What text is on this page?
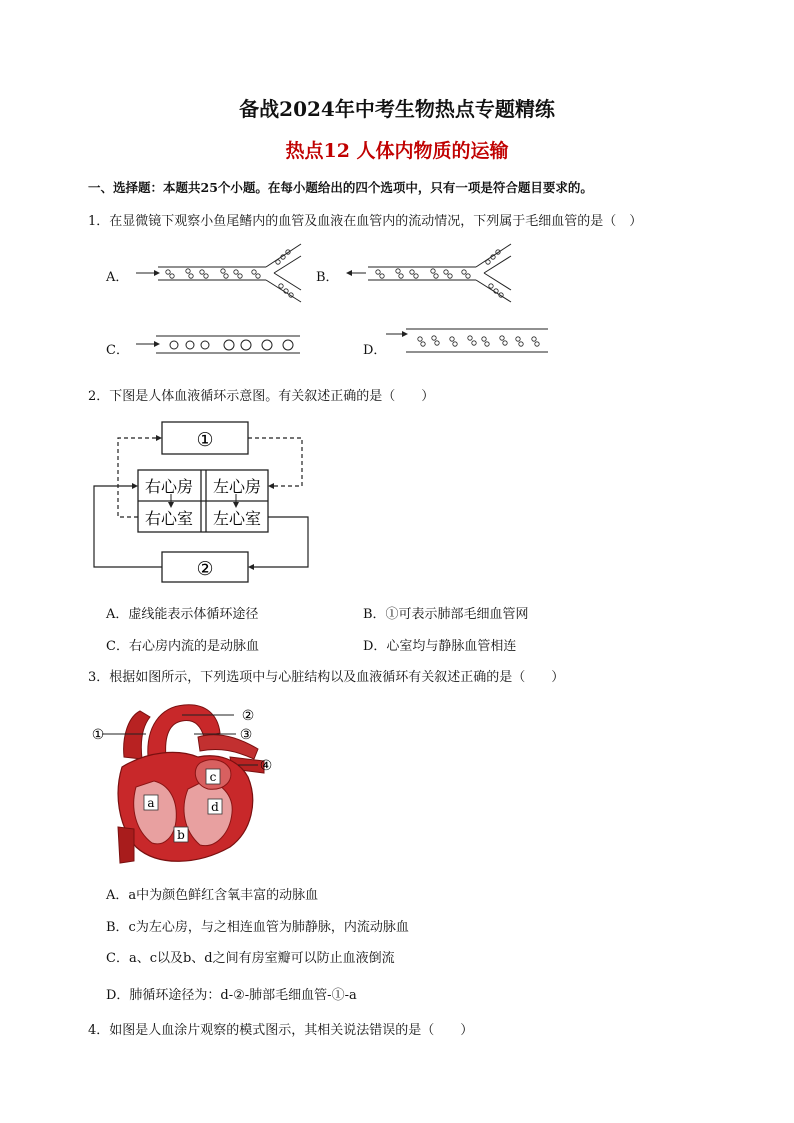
备战2024年中考生物热点专题精练
热点12 人体内物质的运输
一、选择题：本题共25个小题。在每小题给出的四个选项中，只有一项是符合题目要求的。
1．在显微镜下观察小鱼尾鳍内的血管及血液在血管内的流动情况，下列属于毛细血管的是（　）
A．	B．
C．	D．
2．下图是人体血液循环示意图。有关叙述正确的是（　　）
①
②
右心房 左心房
右心室 左心室
A．虚线能表示体循环途径	B．①可表示肺部毛细血管网
C．右心房内流的是动脉血	D．心室均与静脉血管相连
3．根据如图所示，下列选项中与心脏结构以及血液循环有关叙述正确的是（　　）
①
②
③
④
a
b
c
d
A．a中为颜色鲜红含氧丰富的动脉血
B．c为左心房，与之相连血管为肺静脉，内流动脉血
C．a、c以及b、d之间有房室瓣可以防止血液倒流
D．肺循环途径为：d-②-肺部毛细血管-①-a
4．如图是人血涂片观察的模式图示，其相关说法错误的是（　　）
